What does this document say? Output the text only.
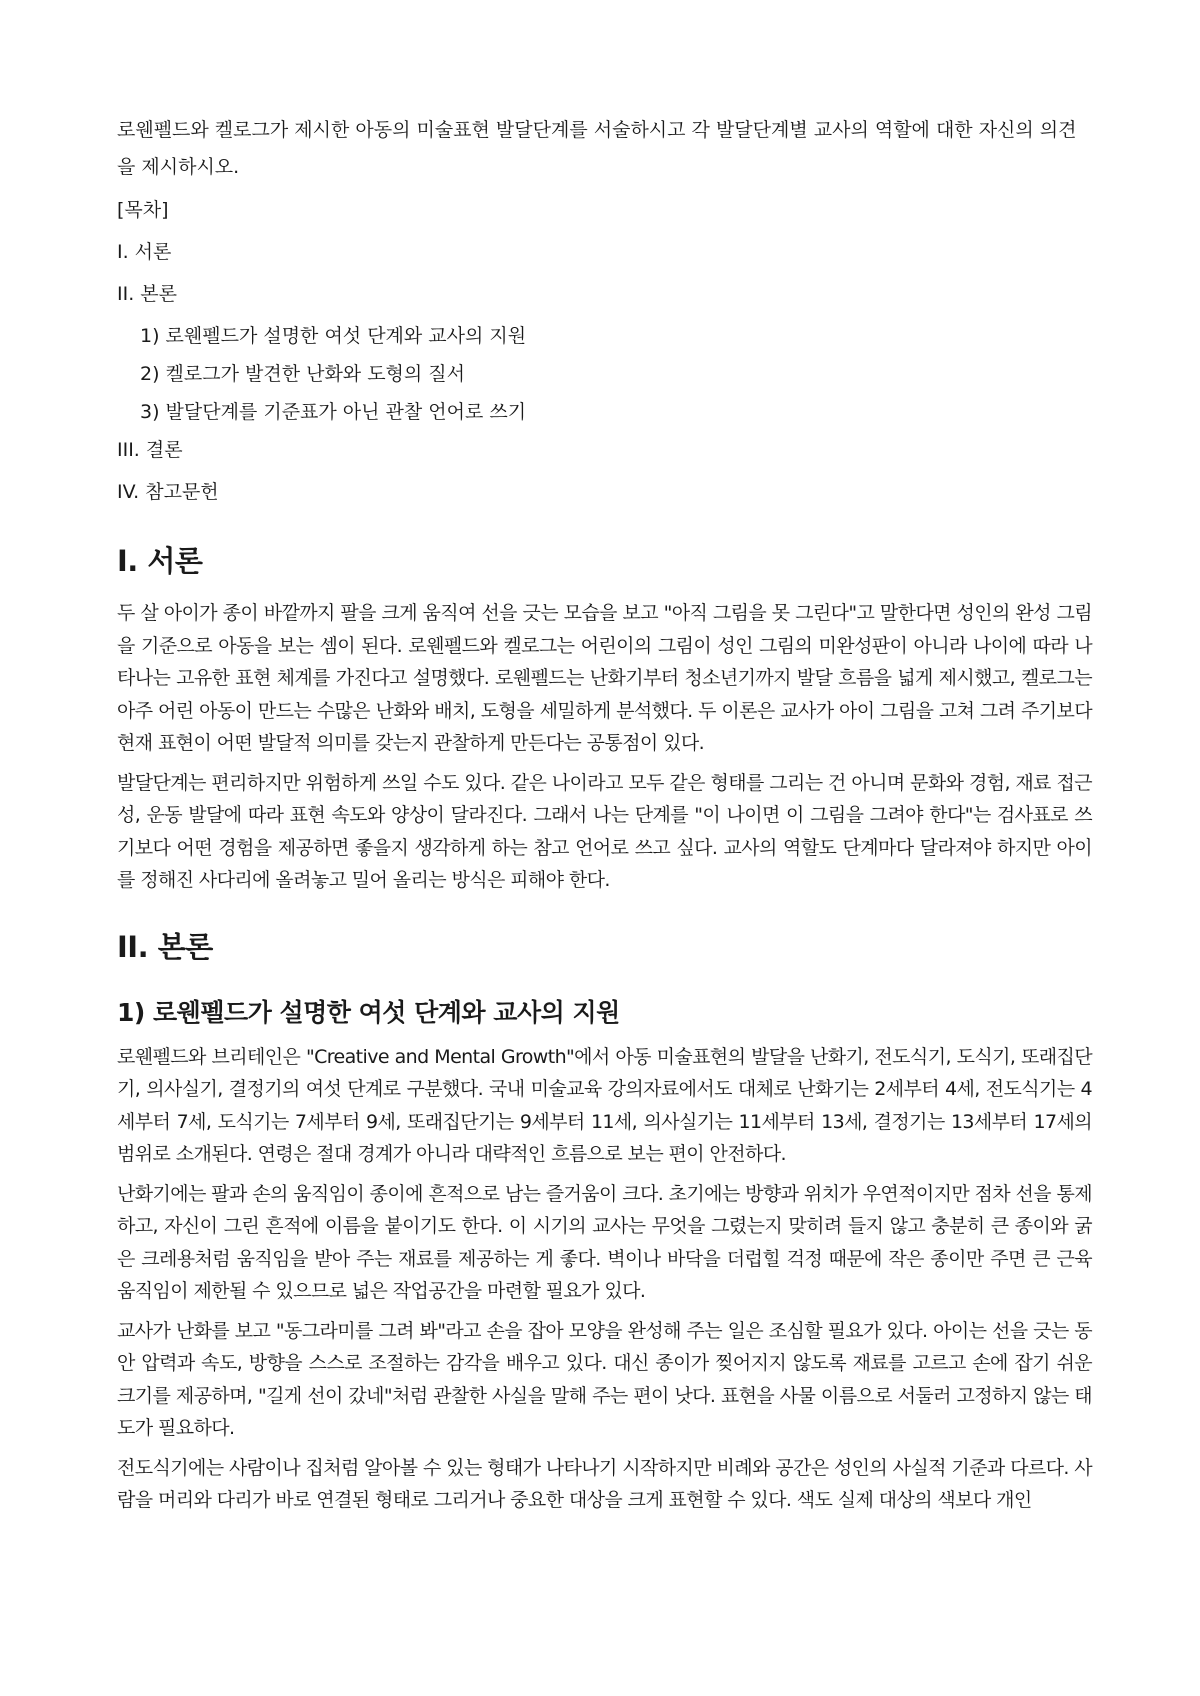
로웬펠드와 켈로그가 제시한 아동의 미술표현 발달단계를 서술하시고 각 발달단계별 교사의 역할에 대한 자신의 의견을 제시하시오.

[목차]

I. 서론

II. 본론

1) 로웬펠드가 설명한 여섯 단계와 교사의 지원

2) 켈로그가 발견한 난화와 도형의 질서

3) 발달단계를 기준표가 아닌 관찰 언어로 쓰기

III. 결론

IV. 참고문헌

I. 서론

두 살 아이가 종이 바깥까지 팔을 크게 움직여 선을 긋는 모습을 보고 "아직 그림을 못 그린다"고 말한다면 성인의 완성 그림을 기준으로 아동을 보는 셈이 된다. 로웬펠드와 켈로그는 어린이의 그림이 성인 그림의 미완성판이 아니라 나이에 따라 나타나는 고유한 표현 체계를 가진다고 설명했다. 로웬펠드는 난화기부터 청소년기까지 발달 흐름을 넓게 제시했고, 켈로그는 아주 어린 아동이 만드는 수많은 난화와 배치, 도형을 세밀하게 분석했다. 두 이론은 교사가 아이 그림을 고쳐 그려 주기보다 현재 표현이 어떤 발달적 의미를 갖는지 관찰하게 만든다는 공통점이 있다.

발달단계는 편리하지만 위험하게 쓰일 수도 있다. 같은 나이라고 모두 같은 형태를 그리는 건 아니며 문화와 경험, 재료 접근성, 운동 발달에 따라 표현 속도와 양상이 달라진다. 그래서 나는 단계를 "이 나이면 이 그림을 그려야 한다"는 검사표로 쓰기보다 어떤 경험을 제공하면 좋을지 생각하게 하는 참고 언어로 쓰고 싶다. 교사의 역할도 단계마다 달라져야 하지만 아이를 정해진 사다리에 올려놓고 밀어 올리는 방식은 피해야 한다.

II. 본론
1) 로웬펠드가 설명한 여섯 단계와 교사의 지원

로웬펠드와 브리테인은 "Creative and Mental Growth"에서 아동 미술표현의 발달을 난화기, 전도식기, 도식기, 또래집단기, 의사실기, 결정기의 여섯 단계로 구분했다. 국내 미술교육 강의자료에서도 대체로 난화기는 2세부터 4세, 전도식기는 4세부터 7세, 도식기는 7세부터 9세, 또래집단기는 9세부터 11세, 의사실기는 11세부터 13세, 결정기는 13세부터 17세의 범위로 소개된다. 연령은 절대 경계가 아니라 대략적인 흐름으로 보는 편이 안전하다.

난화기에는 팔과 손의 움직임이 종이에 흔적으로 남는 즐거움이 크다. 초기에는 방향과 위치가 우연적이지만 점차 선을 통제하고, 자신이 그린 흔적에 이름을 붙이기도 한다. 이 시기의 교사는 무엇을 그렸는지 맞히려 들지 않고 충분히 큰 종이와 굵은 크레용처럼 움직임을 받아 주는 재료를 제공하는 게 좋다. 벽이나 바닥을 더럽힐 걱정 때문에 작은 종이만 주면 큰 근육 움직임이 제한될 수 있으므로 넓은 작업공간을 마련할 필요가 있다.

교사가 난화를 보고 "동그라미를 그려 봐"라고 손을 잡아 모양을 완성해 주는 일은 조심할 필요가 있다. 아이는 선을 긋는 동안 압력과 속도, 방향을 스스로 조절하는 감각을 배우고 있다. 대신 종이가 찢어지지 않도록 재료를 고르고 손에 잡기 쉬운 크기를 제공하며, "길게 선이 갔네"처럼 관찰한 사실을 말해 주는 편이 낫다. 표현을 사물 이름으로 서둘러 고정하지 않는 태도가 필요하다.

전도식기에는 사람이나 집처럼 알아볼 수 있는 형태가 나타나기 시작하지만 비례와 공간은 성인의 사실적 기준과 다르다. 사람을 머리와 다리가 바로 연결된 형태로 그리거나 중요한 대상을 크게 표현할 수 있다. 색도 실제 대상의 색보다 개인
